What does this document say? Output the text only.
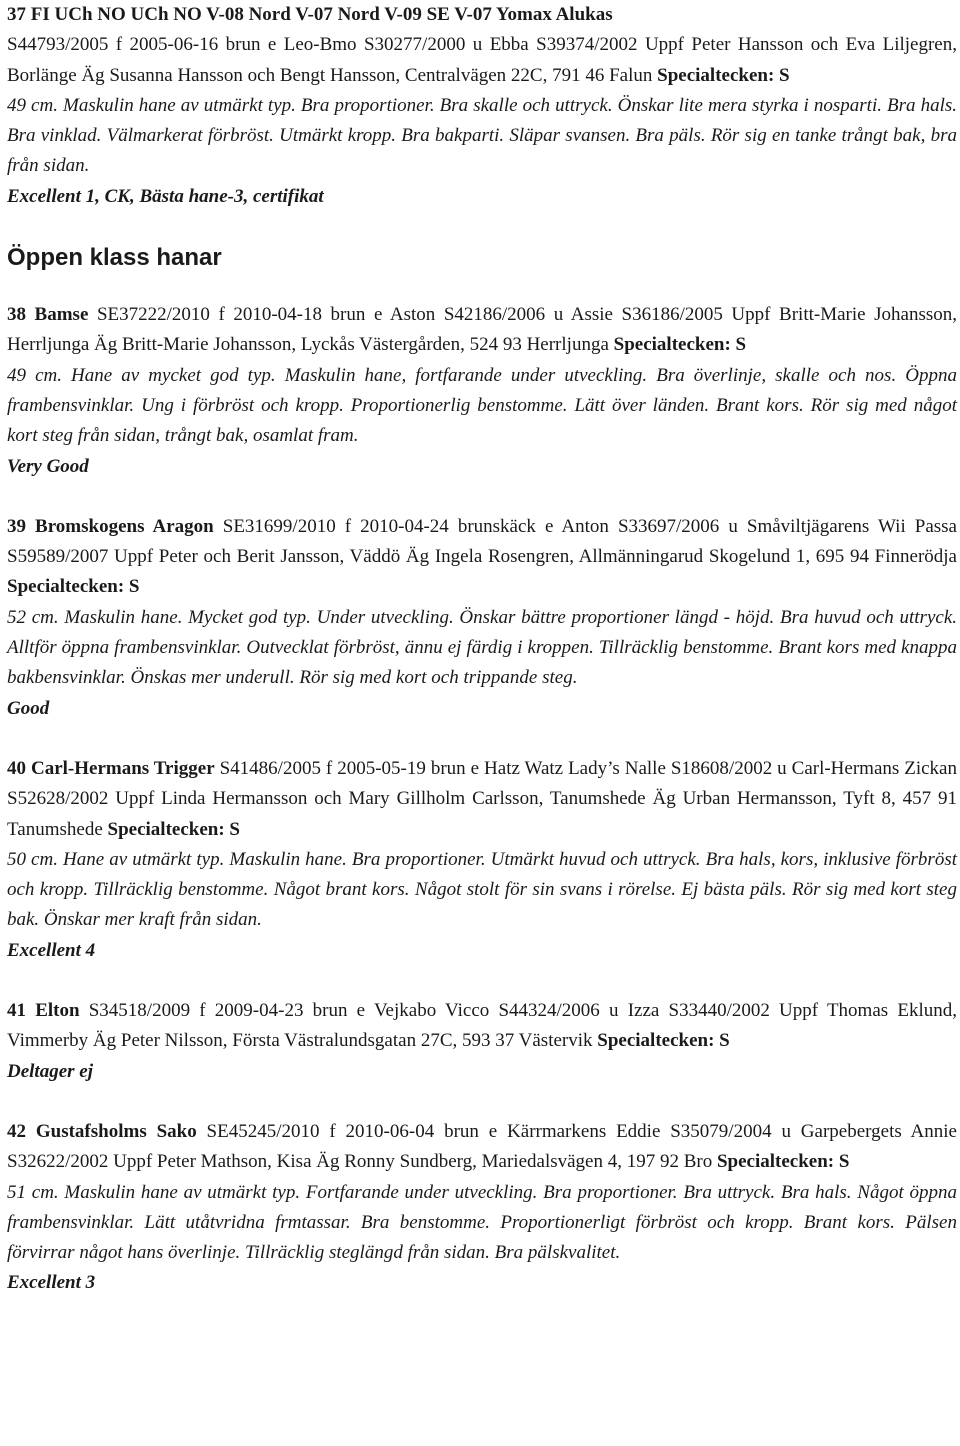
37 FI UCh NO UCh NO V-08 Nord V-07 Nord V-09 SE V-07 Yomax Alukas

S44793/2005 f 2005-06-16 brun e Leo-Bmo S30277/2000 u Ebba S39374/2002 Uppf Peter Hansson och Eva Liljegren, Borlänge Äg Susanna Hansson och Bengt Hansson, Centralvägen 22C, 791 46 Falun Specialtecken: S

49 cm. Maskulin hane av utmärkt typ. Bra proportioner. Bra skalle och uttryck. Önskar lite mera styrka i nosparti. Bra hals. Bra vinklad. Välmarkerat förbröst. Utmärkt kropp. Bra bakparti. Släpar svansen. Bra päls. Rör sig en tanke trångt bak, bra från sidan.

Excellent 1, CK, Bästa hane-3, certifikat

Öppen klass hanar

38 Bamse SE37222/2010 f 2010-04-18 brun e Aston S42186/2006 u Assie S36186/2005 Uppf Britt-Marie Johansson, Herrljunga Äg Britt-Marie Johansson, Lyckås Västergården, 524 93 Herrljunga Specialtecken: S

49 cm. Hane av mycket god typ. Maskulin hane, fortfarande under utveckling. Bra överlinje, skalle och nos. Öppna frambensvinklar. Ung i förbröst och kropp. Proportionerlig benstomme. Lätt över länden. Brant kors. Rör sig med något kort steg från sidan, trångt bak, osamlat fram.

Very Good

39 Bromskogens Aragon SE31699/2010 f 2010-04-24 brunskäck e Anton S33697/2006 u Småviltjägarens Wii Passa S59589/2007 Uppf Peter och Berit Jansson, Väddö Äg Ingela Rosengren, Allmänningarud Skogelund 1, 695 94 Finnerödja Specialtecken: S

52 cm. Maskulin hane. Mycket god typ. Under utveckling. Önskar bättre proportioner längd - höjd. Bra huvud och uttryck. Alltför öppna frambensvinklar. Outvecklat förbröst, ännu ej färdig i kroppen. Tillräcklig benstomme. Brant kors med knappa bakbensvinklar. Önskas mer underull. Rör sig med kort och trippande steg.

Good

40 Carl-Hermans Trigger S41486/2005 f 2005-05-19 brun e Hatz Watz Lady’s Nalle S18608/2002 u Carl-Hermans Zickan S52628/2002 Uppf Linda Hermansson och Mary Gillholm Carlsson, Tanumshede Äg Urban Hermansson, Tyft 8, 457 91 Tanumshede Specialtecken: S

50 cm. Hane av utmärkt typ. Maskulin hane. Bra proportioner. Utmärkt huvud och uttryck. Bra hals, kors, inklusive förbröst och kropp. Tillräcklig benstomme. Något brant kors. Något stolt för sin svans i rörelse. Ej bästa päls. Rör sig med kort steg bak. Önskar mer kraft från sidan.

Excellent 4

41 Elton S34518/2009 f 2009-04-23 brun e Vejkabo Vicco S44324/2006 u Izza S33440/2002 Uppf Thomas Eklund, Vimmerby Äg Peter Nilsson, Första Västralundsgatan 27C, 593 37 Västervik Specialtecken: S

Deltager ej

42 Gustafsholms Sako SE45245/2010 f 2010-06-04 brun e Kärrmarkens Eddie S35079/2004 u Garpebergets Annie S32622/2002 Uppf Peter Mathson, Kisa Äg Ronny Sundberg, Mariedalsvägen 4, 197 92 Bro Specialtecken: S

51 cm. Maskulin hane av utmärkt typ. Fortfarande under utveckling. Bra proportioner. Bra uttryck. Bra hals. Något öppna frambensvinklar. Lätt utåtvridna frmtassar. Bra benstomme. Proportionerligt förbröst och kropp. Brant kors. Pälsen förvirrar något hans överlinje. Tillräcklig steglängd från sidan. Bra pälskvalitet.

Excellent 3
